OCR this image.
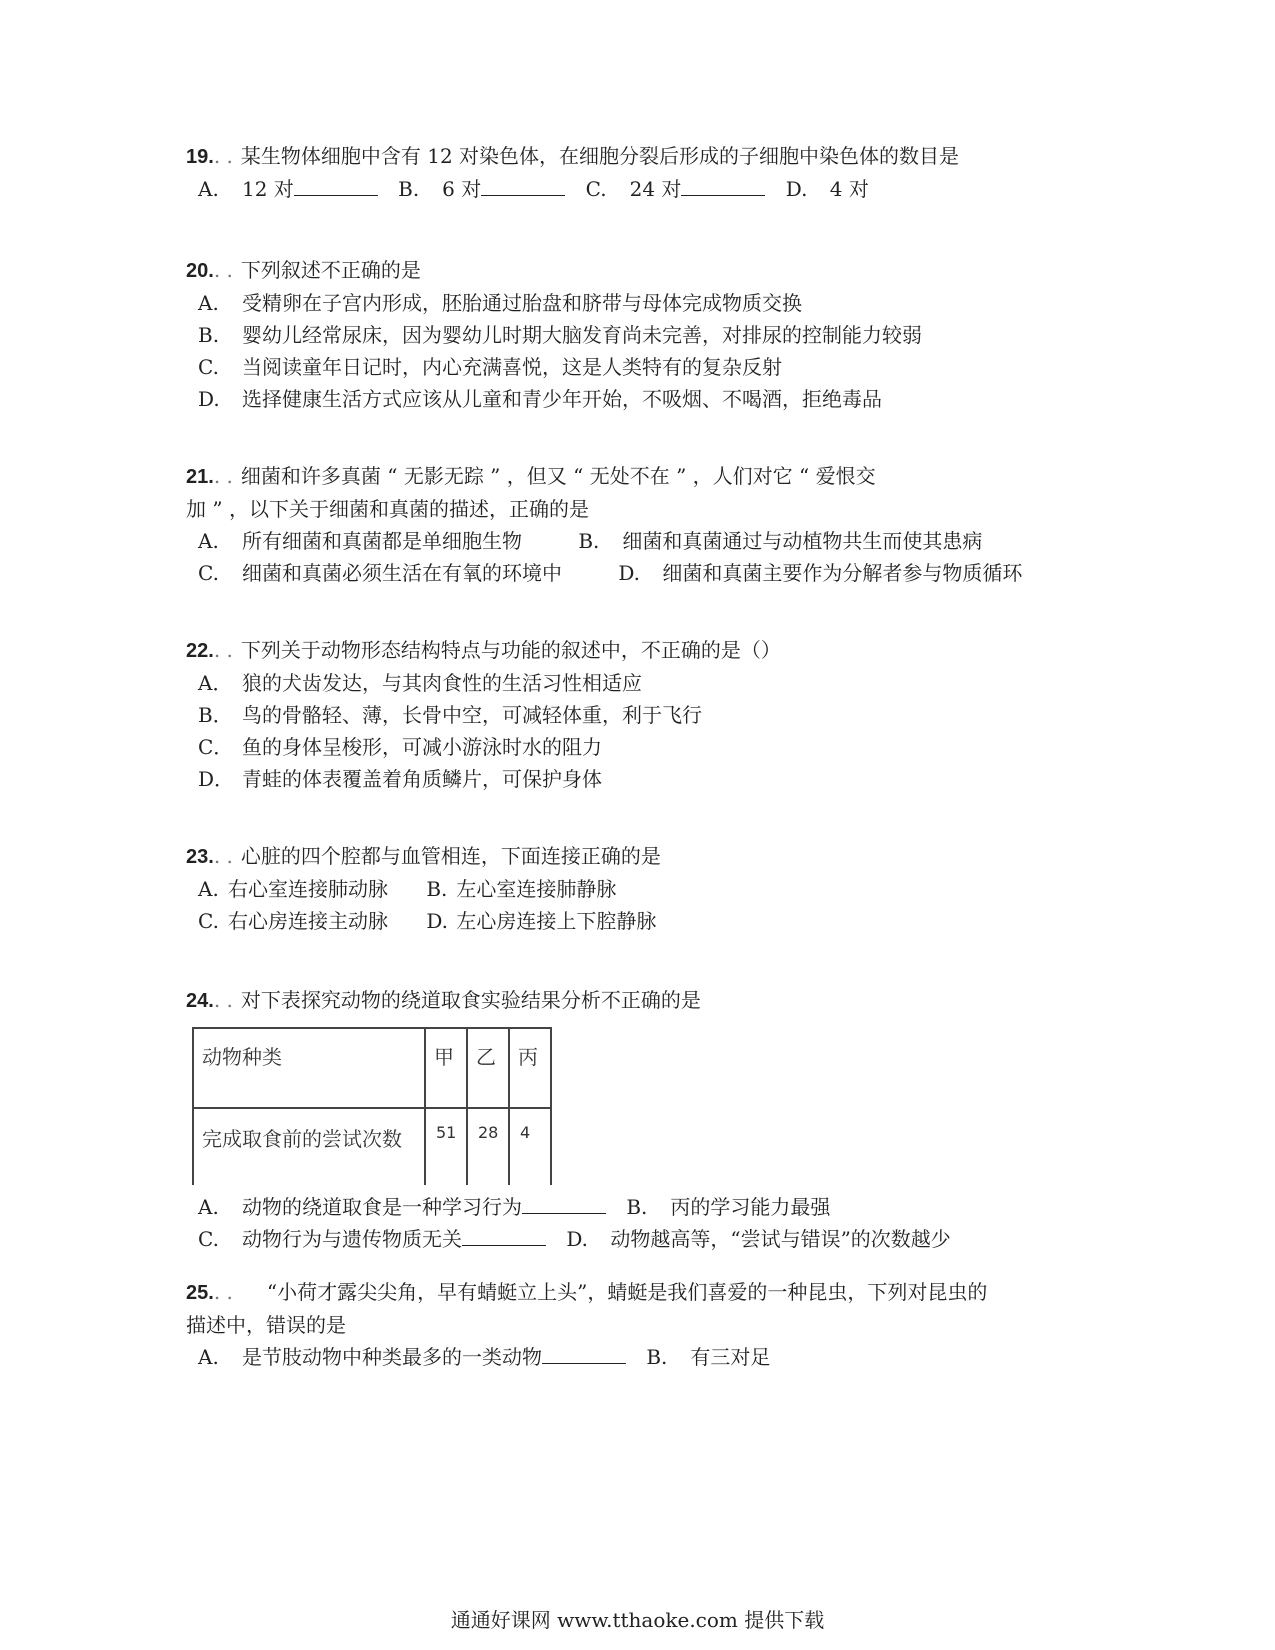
19.. . 某生物体细胞中含有 12 对染色体，在细胞分裂后形成的子细胞中染色体的数目是
A. 12 对	B. 6 对	C. 24 对	D. 4 对
20.. . 下列叙述不正确的是
A. 受精卵在子宫内形成，胚胎通过胎盘和脐带与母体完成物质交换
B. 婴幼儿经常尿床，因为婴幼儿时期大脑发育尚未完善，对排尿的控制能力较弱
C. 当阅读童年日记时，内心充满喜悦，这是人类特有的复杂反射
D. 选择健康生活方式应该从儿童和青少年开始，不吸烟、不喝酒，拒绝毒品
21.. . 细菌和许多真菌 “ 无影无踪 ” ，但又 “ 无处不在 ” ，人们对它 “ 爱恨交
加 ” ，以下关于细菌和真菌的描述，正确的是
A. 所有细菌和真菌都是单细胞生物	B. 细菌和真菌通过与动植物共生而使其患病
C. 细菌和真菌必须生活在有氧的环境中	D. 细菌和真菌主要作为分解者参与物质循环
22.. . 下列关于动物形态结构特点与功能的叙述中，不正确的是（）
A． 狼的犬齿发达，与其肉食性的生活习性相适应
B． 鸟的骨骼轻、薄，长骨中空，可减轻体重，利于飞行
C． 鱼的身体呈梭形，可减小游泳时水的阻力
D． 青蛙的体表覆盖着角质鳞片，可保护身体
23.. . 心脏的四个腔都与血管相连，下面连接正确的是
A. 右心室连接肺动脉 B. 左心室连接肺静脉
C. 右心房连接主动脉 D. 左心房连接上下腔静脉
24.. . 对下表探究动物的绕道取食实验结果分析不正确的是
动物种类	甲	乙	丙
完成取食前的尝试次数	51	28	4
A. 动物的绕道取食是一种学习行为	B. 丙的学习能力最强
C. 动物行为与遗传物质无关	D. 动物越高等，“尝试与错误”的次数越少
25.. . “小荷才露尖尖角，早有蜻蜓立上头”，蜻蜓是我们喜爱的一种昆虫，下列对昆虫的
描述中，错误的是
A. 是节肢动物中种类最多的一类动物	B. 有三对足
通通好课网 www.tthaoke.com 提供下载
